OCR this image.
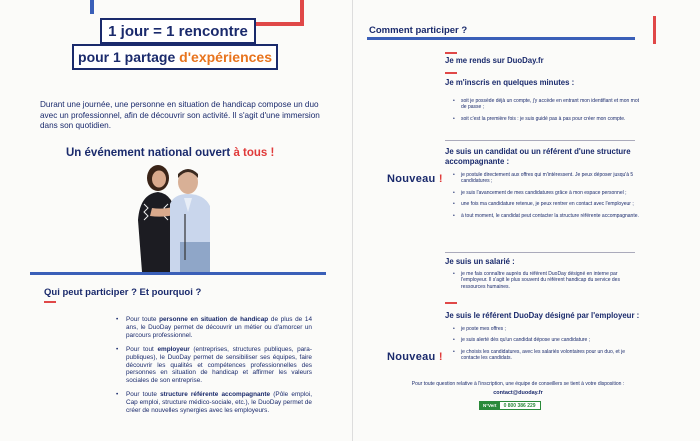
1 jour = 1 rencontre
pour 1 partage
d'expériences

Durant une journée, une personne en situation de handicap compose un duo avec un professionnel, afin de découvrir son activité. Il s'agit d'une immersion dans son quotidien.

Un événement national ouvert à tous !
Qui peut participer ? Et pourquoi ?
• Pour toute personne en situation de handicap de plus de 14 ans, le DuoDay permet de découvrir un métier ou d'amorcer un parcours professionnel.
• Pour tout employeur (entreprises, structures publiques, para-publiques), le DuoDay permet de sensibiliser ses équipes, faire découvrir les qualités et compétences professionnelles des personnes en situation de handicap et affirmer les valeurs sociales de son entreprise.
• Pour toute structure référente accompagnante (Pôle emploi, Cap emploi, structure médico-sociale, etc.), le DuoDay permet de créer de nouvelles synergies avec les employeurs.
Comment participer ?
Je me rends sur DuoDay.fr
Je m'inscris en quelques minutes :
• soit je possède déjà un compte, j'y accède en entrant mon identifiant et mon mot de passe ;
• soit c'est la première fois : je suis guidé pas à pas pour créer mon compte.
Je suis un candidat ou un référent d'une structure accompagnante :
Nouveau !
•	je postule directement aux offres qui m'intéressent. Je peux déposer jusqu'à 5 candidatures ;
• je suis l'avancement de mes candidatures grâce à mon espace personnel ;
• une fois ma candidature retenue, je peux rentrer en contact avec l'employeur ;
• à tout moment, le candidat peut contacter la structure référente accompagnante.
Je suis un salarié :
• je me fais connaître auprès du référent DuoDay désigné en interne par l'employeur. Il s'agit le plus souvent du référent handicap du service des ressources humaines.
Je suis le référent DuoDay désigné par l'employeur :
Nouveau !
• je poste mes offres ;
• je suis alerté dès qu'un candidat dépose une candidature ;
• je choisis les candidatures, avec les salariés volontaires pour un duo, et je contacte les candidats.
Pour toute question relative à l'inscription, une équipe de conseillers se tient à votre disposition :
contact@duoday.fr
N°Vert	0 800 386 229
